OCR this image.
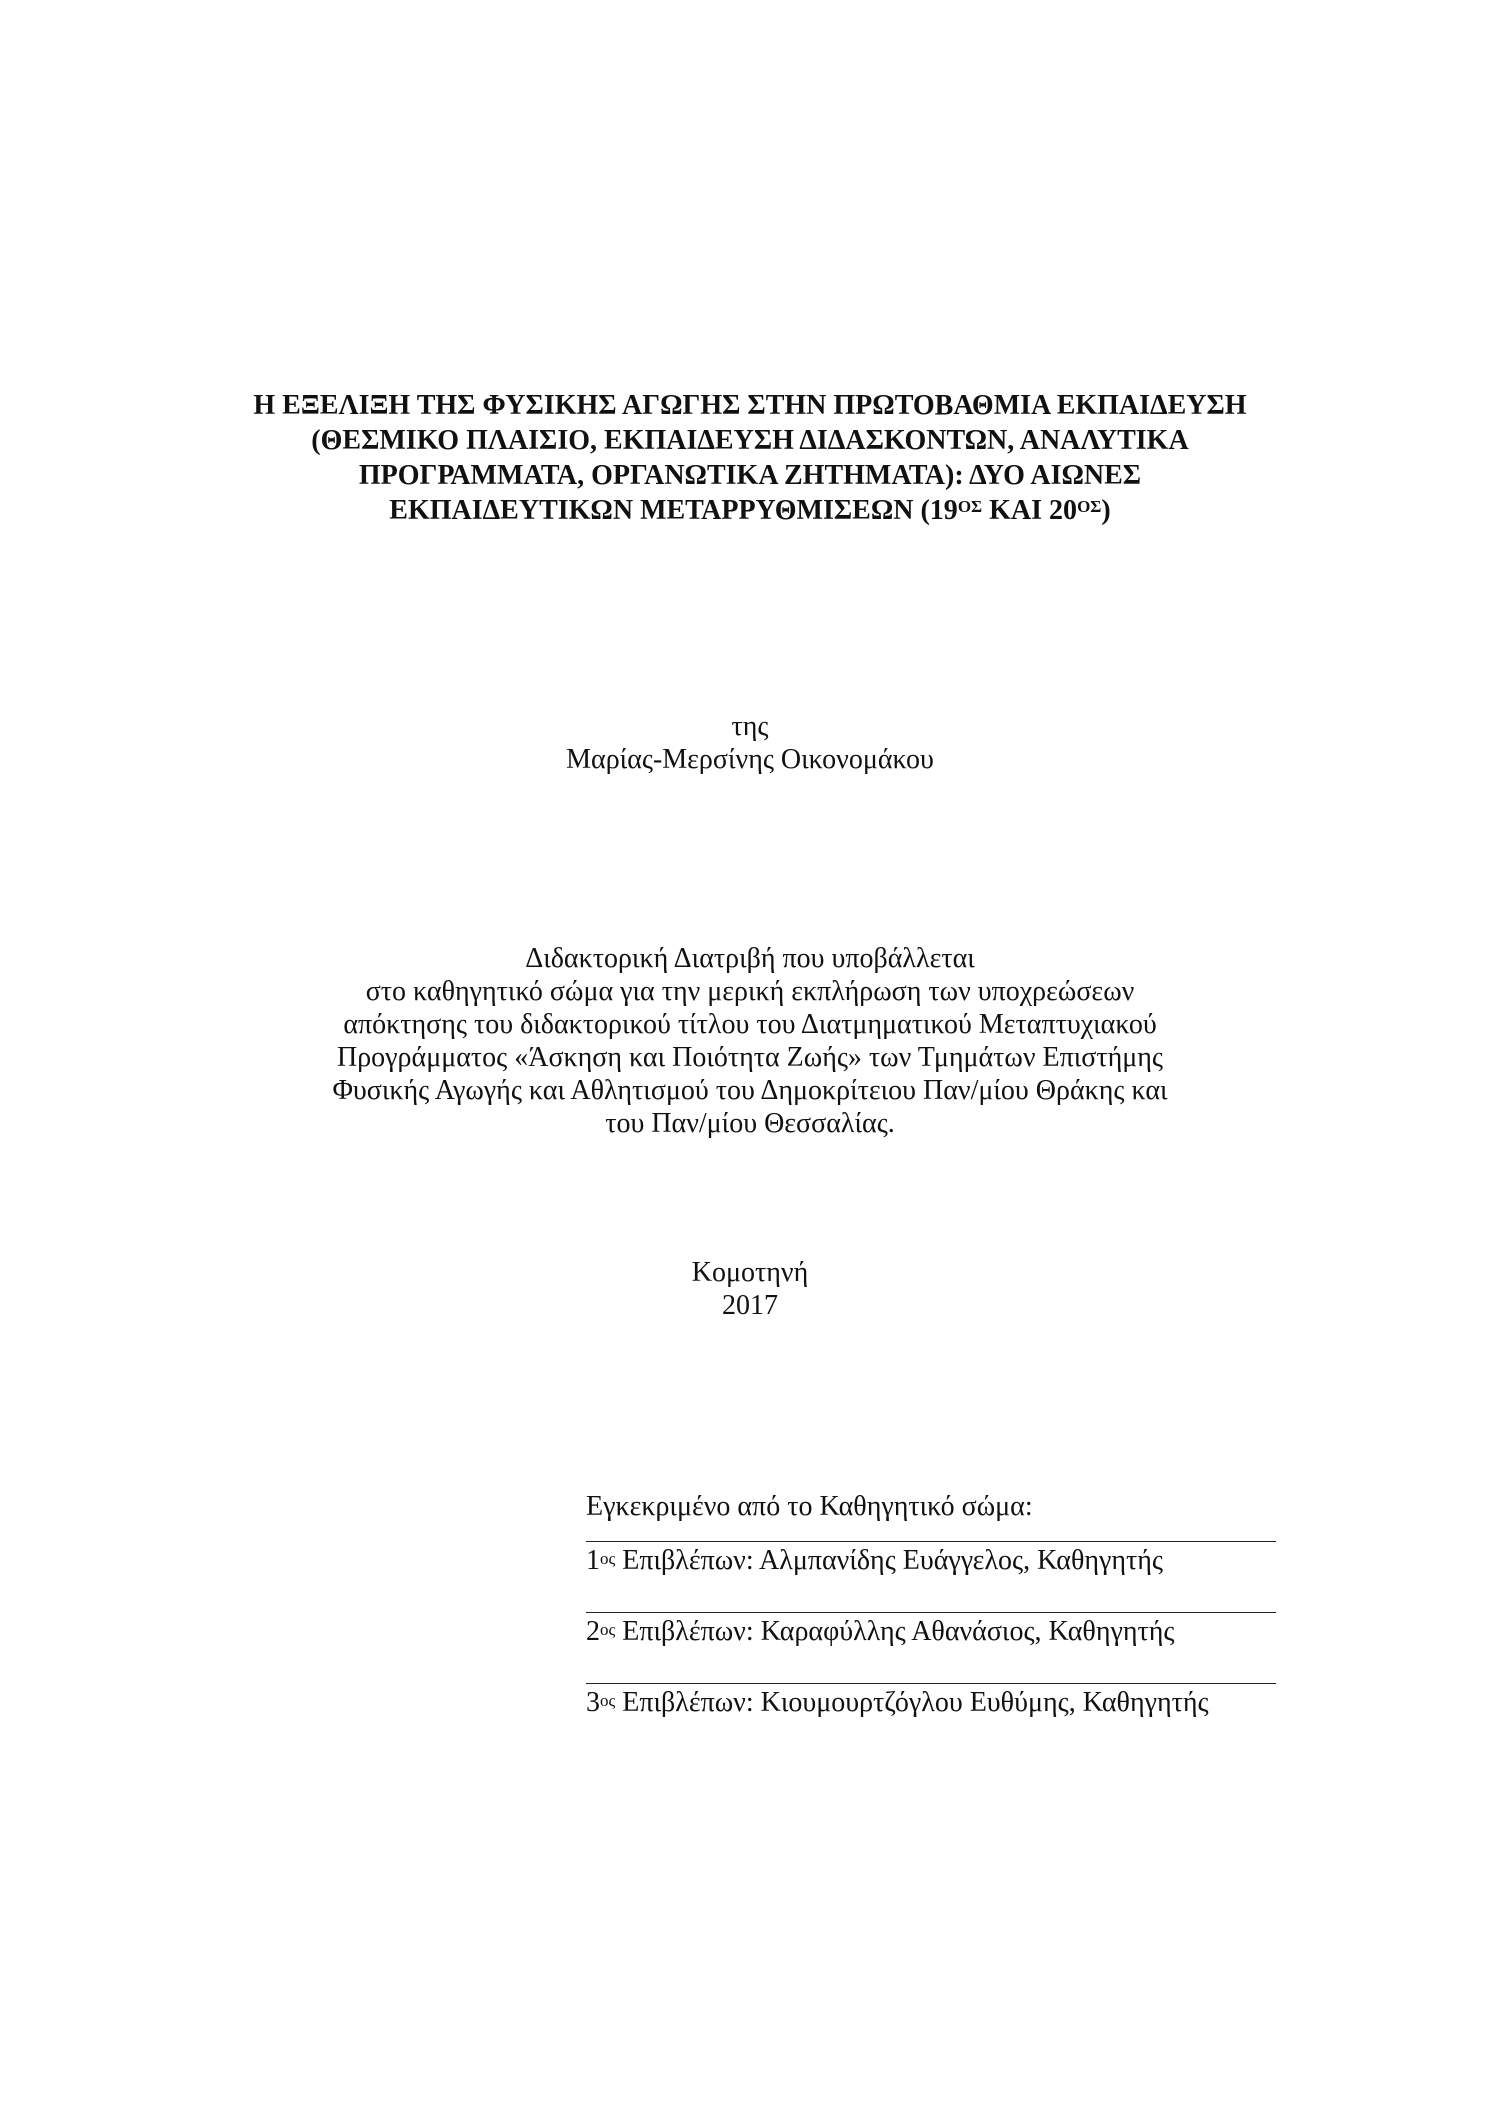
Η ΕΞΕΛΙΞΗ ΤΗΣ ΦΥΣΙΚΗΣ ΑΓΩΓΗΣ ΣΤΗΝ ΠΡΩΤΟΒΑΘΜΙΑ ΕΚΠΑΙΔΕΥΣΗ
(ΘΕΣΜΙΚΟ ΠΛΑΙΣΙΟ, ΕΚΠΑΙΔΕΥΣΗ ΔΙΔΑΣΚΟΝΤΩΝ, ΑΝΑΛΥΤΙΚΑ
ΠΡΟΓΡΑΜΜΑΤΑ, ΟΡΓΑΝΩΤΙΚΑ ΖΗΤΗΜΑΤΑ): ΔΥΟ ΑΙΩΝΕΣ
ΕΚΠΑΙΔΕΥΤΙΚΩΝ ΜΕΤΑΡΡΥΘΜΙΣΕΩΝ ($19^{O\Sigma}$ ΚΑΙ $20^{O\Sigma}$)
της
Μαρίας-Μερσίνης Οικονομάκου
Διδακτορική Διατριβή που υποβάλλεται
στο καθηγητικό σώμα για την μερική εκπλήρωση των υποχρεώσεων
απόκτησης του διδακτορικού τίτλου του Διατμηματικού Μεταπτυχιακού
Προγράμματος «Άσκηση και Ποιότητα Ζωής» των Τμημάτων Επιστήμης
Φυσικής Αγωγής και Αθλητισμού του Δημοκρίτειου Παν/μίου Θράκης και
του Παν/μίου Θεσσαλίας.
Κομοτηνή
2017
Εγκεκριμένο από το Καθηγητικό σώμα:
$1^{o\varsigma}$ Επιβλέπων: Αλμπανίδης Ευάγγελος, Καθηγητής
$2^{o\varsigma}$ Επιβλέπων: Καραφύλλης Αθανάσιος, Καθηγητής
$3^{o\varsigma}$ Επιβλέπων: Κιουμουρτζόγλου Ευθύμης, Καθηγητής
